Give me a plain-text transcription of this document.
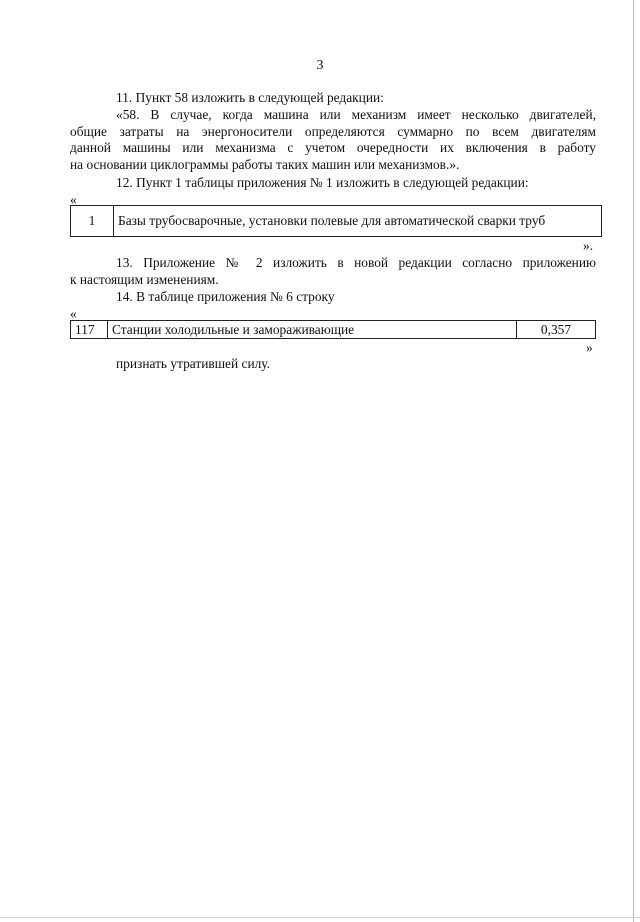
3
11. Пункт 58 изложить в следующей редакции:
«58. В случае, когда машина или механизм имеет несколько двигателей,
общие затраты на энергоносители определяются суммарно по всем двигателям
данной машины или механизма с учетом очередности их включения в работу
на основании циклограммы работы таких машин или механизмов.».
12. Пункт 1 таблицы приложения № 1 изложить в следующей редакции:
«
1	Базы трубосварочные, установки полевые для автоматической сварки труб
».
13. Приложение № 2 изложить в новой редакции согласно приложению
к настоящим изменениям.
14. В таблице приложения № 6 строку
«
117	Станции холодильные и замораживающие	0,357
»
признать утратившей силу.
